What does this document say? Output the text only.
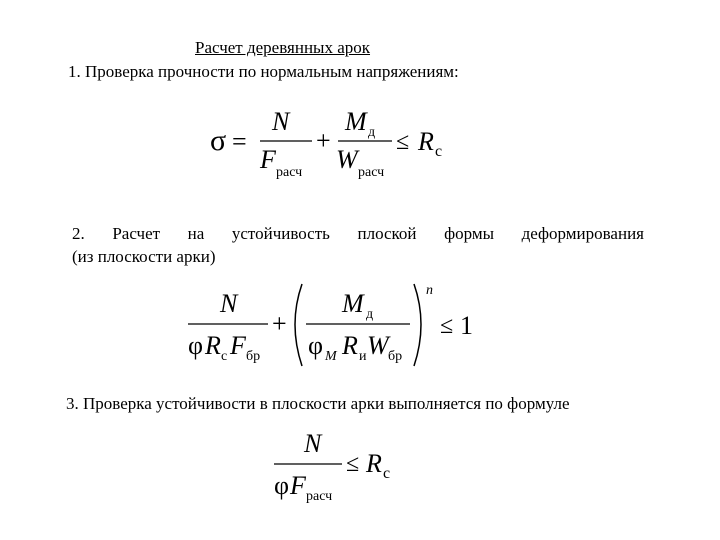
Расчет деревянных арок
1. Проверка прочности по нормальным напряжениям:
σ =
N
F расч
+
M д
W расч
≤ R c
2. Расчет на устойчивость плоской формы деформирования
(из плоскости арки)
N
φ R c F бр
+
M д
φ M R и W бр
n
≤ 1
3. Проверка устойчивости в плоскости арки выполняется по формуле
N
φ F расч
≤ R c
